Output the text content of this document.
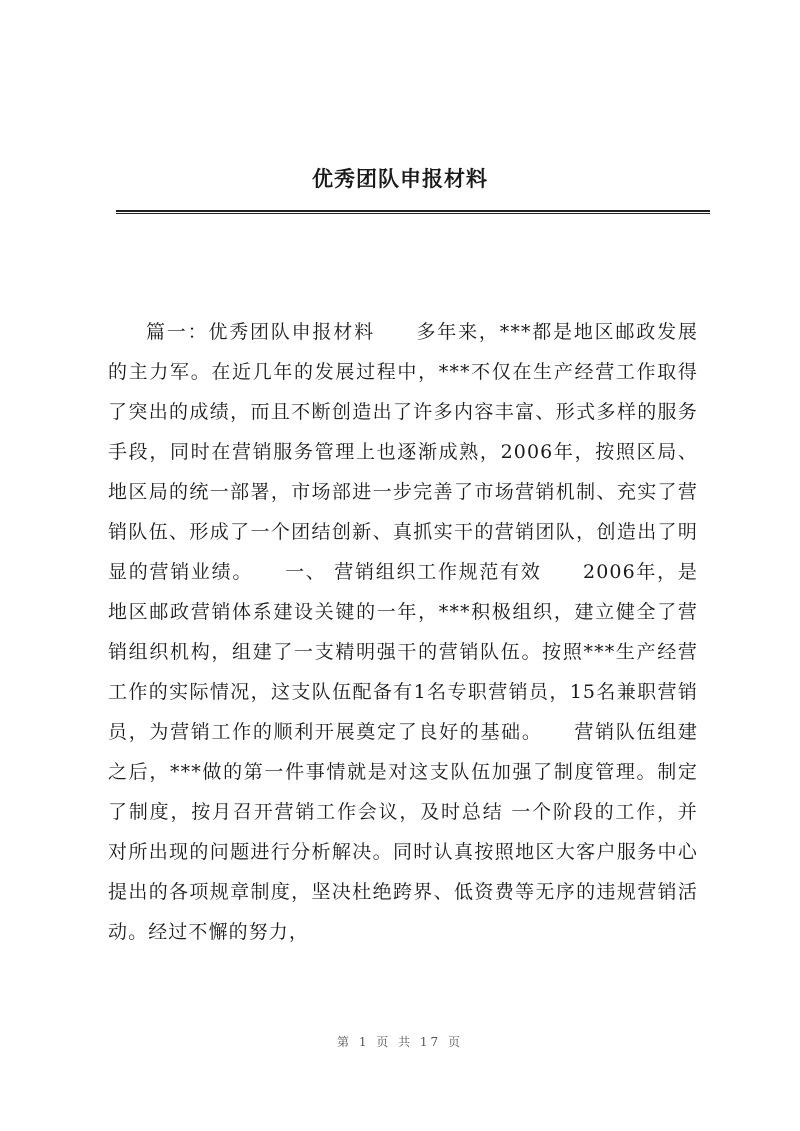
优秀团队申报材料

篇一：优秀团队申报材料　　多年来，***都是地区邮政发展的主力军。在近几年的发展过程中，***不仅在生产经营工作取得了突出的成绩，而且不断创造出了许多内容丰富、形式多样的服务手段，同时在营销服务管理上也逐渐成熟，2006年，按照区局、地区局的统一部署，市场部进一步完善了市场营销机制、充实了营销队伍、形成了一个团结创新、真抓实干的营销团队，创造出了明显的营销业绩。　　一、 营销组织工作规范有效　　2006年，是地区邮政营销体系建设关键的一年，***积极组织，建立健全了营销组织机构，组建了一支精明强干的营销队伍。按照***生产经营工作的实际情况，这支队伍配备有1名专职营销员，15名兼职营销员，为营销工作的顺利开展奠定了良好的基础。　　营销队伍组建之后，***做的第一件事情就是对这支队伍加强了制度管理。制定了制度，按月召开营销工作会议，及时总结 一个阶段的工作，并对所出现的问题进行分析解决。同时认真按照地区大客户服务中心提出的各项规章制度，坚决杜绝跨界、低资费等无序的违规营销活动。经过不懈的努力，

第 1 页 共 17 页
